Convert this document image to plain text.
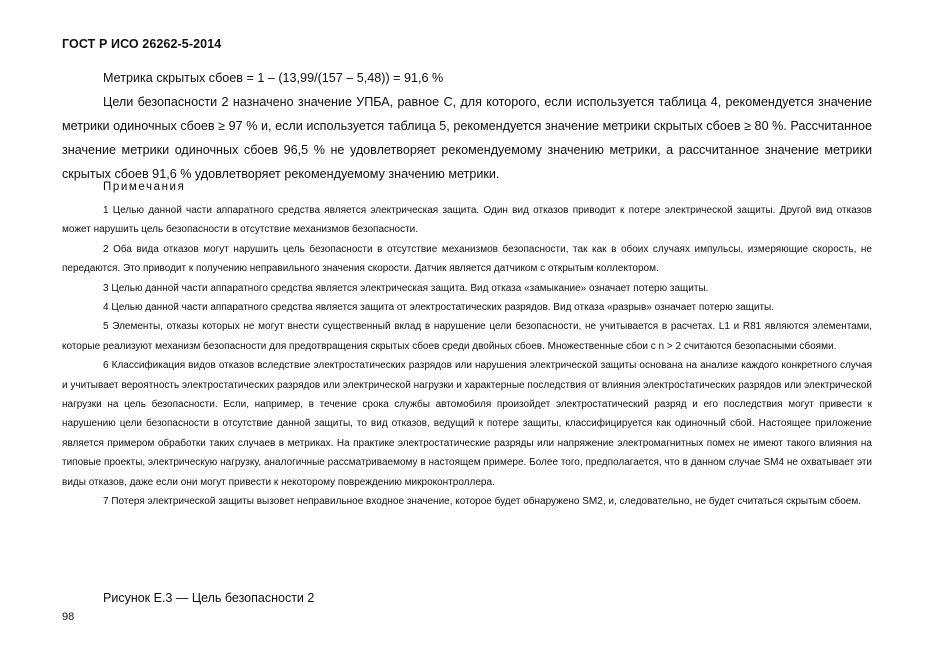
ГОСТ Р ИСО 26262-5-2014

Метрика скрытых сбоев = 1 – (13,99/(157 – 5,48)) = 91,6 %

Цели безопасности 2 назначено значение УПБА, равное С, для которого, если используется таблица 4, рекомендуется значение метрики одиночных сбоев ≥ 97 % и, если используется таблица 5, рекомендуется значение метрики скрытых сбоев ≥ 80 %. Рассчитанное значение метрики одиночных сбоев 96,5 % не удовлетворяет рекомендуемому значению метрики, а рассчитанное значение метрики скрытых сбоев 91,6 % удовлетворяет рекомендуемому значению метрики.

Примечания

1 Целью данной части аппаратного средства является электрическая защита. Один вид отказов приводит к потере электрической защиты. Другой вид отказов может нарушить цель безопасности в отсутствие механизмов безопасности.

2 Оба вида отказов могут нарушить цель безопасности в отсутствие механизмов безопасности, так как в обоих случаях импульсы, измеряющие скорость, не передаются. Это приводит к получению неправильного значения скорости. Датчик является датчиком с открытым коллектором.

3 Целью данной части аппаратного средства является электрическая защита. Вид отказа «замыкание» означает потерю защиты.

4 Целью данной части аппаратного средства является защита от электростатических разрядов. Вид отказа «разрыв» означает потерю защиты.

5 Элементы, отказы которых не могут внести существенный вклад в нарушение цели безопасности, не учитывается в расчетах. L1 и R81 являются элементами, которые реализуют механизм безопасности для предотвращения скрытых сбоев среди двойных сбоев. Множественные сбои с n > 2 считаются безопасными сбоями.

6 Классификация видов отказов вследствие электростатических разрядов или нарушения электрической защиты основана на анализе каждого конкретного случая и учитывает вероятность электростатических разрядов или электрической нагрузки и характерные последствия от влияния электростатических разрядов или электрической нагрузки на цель безопасности. Если, например, в течение срока службы автомобиля произойдет электростатический разряд и его последствия могут привести к нарушению цели безопасности в отсутствие данной защиты, то вид отказов, ведущий к потере защиты, классифицируется как одиночный сбой. Настоящее приложение является примером обработки таких случаев в метриках. На практике электростатические разряды или напряжение электромагнитных помех не имеют такого влияния на типовые проекты, электрическую нагрузку, аналогичные рассматриваемому в настоящем примере. Более того, предполагается, что в данном случае SM4 не охватывает эти виды отказов, даже если они могут привести к некоторому повреждению микроконтроллера.

7 Потеря электрической защиты вызовет неправильное входное значение, которое будет обнаружено SM2, и, следовательно, не будет считаться скрытым сбоем.

Рисунок Е.3 — Цель безопасности 2
98
